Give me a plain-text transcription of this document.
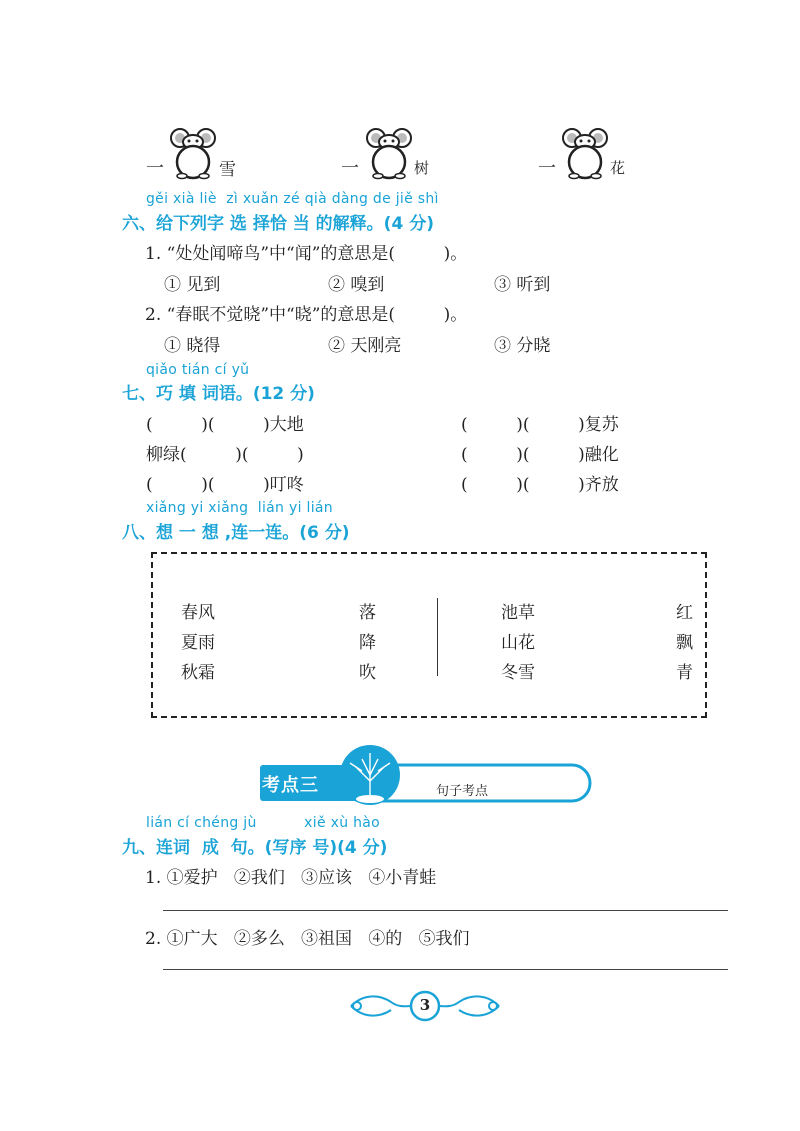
一	雪	一	树	一	花
gěi xià liè  zì xuǎn zé qià dàng de jiě shì
六、给下列字 选 择恰 当 的解释。(4 分)
1. “处处闻啼鸟”中“闻”的意思是(         )。
① 见到	② 嗅到	③ 听到
2. “春眠不觉晓”中“晓”的意思是(         )。
① 晓得	② 天刚亮	③ 分晓
qiǎo tián cí yǔ
七、巧 填 词语。(12 分)
(         )(         )大地	(         )(         )复苏
柳绿(         )(         )	(         )(         )融化
(         )(         )叮咚	(         )(         )齐放
xiǎng yi xiǎng  lián yi lián
八、想 一 想 ,连一连。(6 分)
春风
夏雨
秋霜
落
降
吹
池草
山花
冬雪
红
飘
青
考点三	句子考点
lián cí chéng jù          xiě xù hào
九、连词  成  句。(写序 号)(4 分)
1. ①爱护   ②我们   ③应该   ④小青蛙
2. ①广大   ②多么   ③祖国   ④的   ⑤我们
3
